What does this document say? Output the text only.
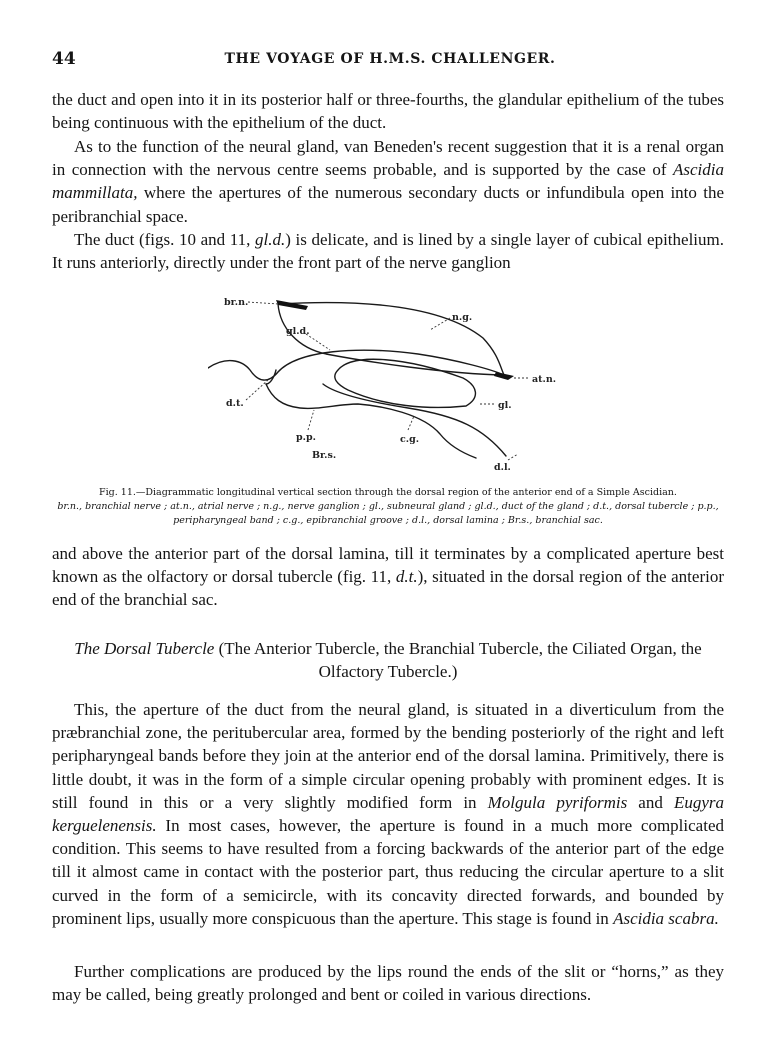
44	THE VOYAGE OF H.M.S. CHALLENGER.

the duct and open into it in its posterior half or three-fourths, the glandular epithelium of the tubes being continuous with the epithelium of the duct.

As to the function of the neural gland, van Beneden's recent suggestion that it is a renal organ in connection with the nervous centre seems probable, and is supported by the case of Ascidia mammillata, where the apertures of the numerous secondary ducts or infundibula open into the peribranchial space.

The duct (figs. 10 and 11, gl.d.) is delicate, and is lined by a single layer of cubical epithelium. It runs anteriorly, directly under the front part of the nerve ganglion

br.n.
n.g.
gl.d.
at.n.
d.t.	gl.
p.p.	c.g.
Br.s.
d.l.

Fig. 11.—Diagrammatic longitudinal vertical section through the dorsal region of the anterior end of a Simple Ascidian.
br.n., branchial nerve ; at.n., atrial nerve ; n.g., nerve ganglion ; gl., subneural gland ; gl.d., duct of the gland ; d.t., dorsal tubercle ; p.p., peripharyngeal band ; c.g., epibranchial groove ; d.l., dorsal lamina ; Br.s., branchial sac.

and above the anterior part of the dorsal lamina, till it terminates by a complicated aperture best known as the olfactory or dorsal tubercle (fig. 11, d.t.), situated in the dorsal region of the anterior end of the branchial sac.

The Dorsal Tubercle (The Anterior Tubercle, the Branchial Tubercle, the Ciliated Organ, the Olfactory Tubercle.)

This, the aperture of the duct from the neural gland, is situated in a diverticulum from the præbranchial zone, the peritubercular area, formed by the bending posteriorly of the right and left peripharyngeal bands before they join at the anterior end of the dorsal lamina. Primitively, there is little doubt, it was in the form of a simple circular opening probably with prominent edges. It is still found in this or a very slightly modified form in Molgula pyriformis and Eugyra kerguelenensis. In most cases, however, the aperture is found in a much more complicated condition. This seems to have resulted from a forcing backwards of the anterior part of the edge till it almost came in contact with the posterior part, thus reducing the circular aperture to a slit curved in the form of a semicircle, with its concavity directed forwards, and bounded by prominent lips, usually more conspicuous than the aperture. This stage is found in Ascidia scabra.

Further complications are produced by the lips round the ends of the slit or “horns,” as they may be called, being greatly prolonged and bent or coiled in various directions.
